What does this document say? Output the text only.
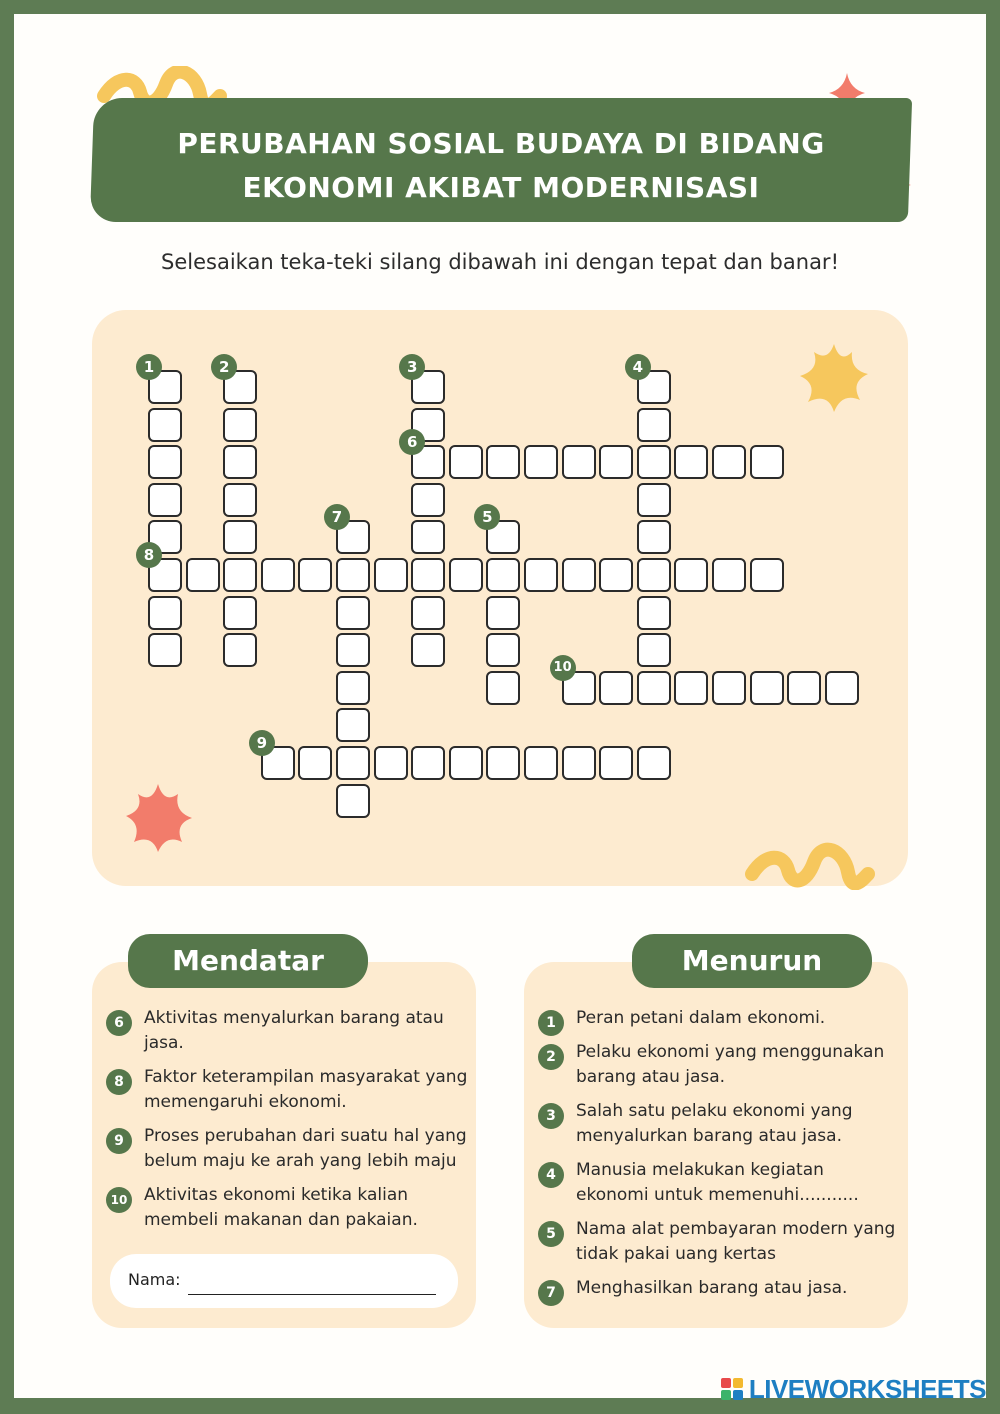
PERUBAHAN SOSIAL BUDAYA DI BIDANG
EKONOMI AKIBAT MODERNISASI
Selesaikan teka-teki silang dibawah ini dengan tepat dan banar!
1	2	3	4
5
7
6
8
9
10
Mendatar
6	Aktivitas menyalurkan barang atau jasa.
8	Faktor keterampilan masyarakat yang memengaruhi ekonomi.
9	Proses perubahan dari suatu hal yang belum maju ke arah yang lebih maju
10 Aktivitas ekonomi ketika kalian membeli makanan dan pakaian.
Nama:
Menurun
1	Peran petani dalam ekonomi.
2	Pelaku ekonomi yang menggunakan barang atau jasa.
3	Salah satu pelaku ekonomi yang menyalurkan barang atau jasa.
4	Manusia melakukan kegiatan ekonomi untuk memenuhi...........
5	Nama alat pembayaran modern yang tidak pakai uang kertas
7	Menghasilkan barang atau jasa.
LIVEWORKSHEETS
